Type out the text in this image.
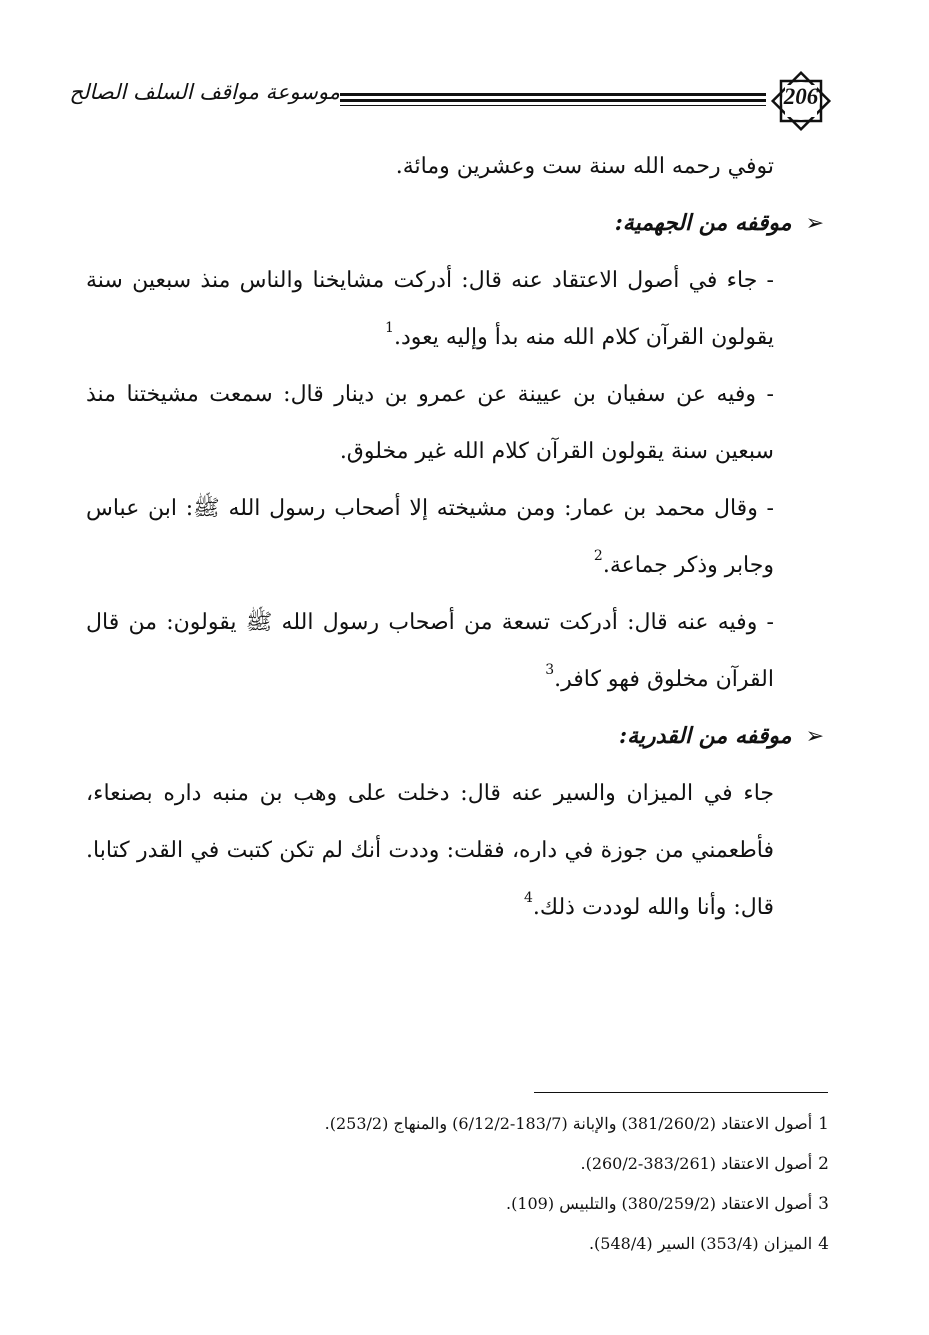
موسوعة مواقف السلف الصالح	206

توفي رحمه الله سنة ست وعشرين ومائة.

➢موقفه من الجهمية:

- جاء في أصول الاعتقاد عنه قال: أدركت مشايخنا والناس منذ سبعين سنة يقولون القرآن كلام الله منه بدأ وإليه يعود.$^1$

- وفيه عن سفيان بن عيينة عن عمرو بن دينار قال: سمعت مشيختنا منذ سبعين سنة يقولون القرآن كلام الله غير مخلوق.

- وقال محمد بن عمار: ومن مشيخته إلا أصحاب رسول الله ﷺ: ابن عباس وجابر وذكر جماعة.$^2$

- وفيه عنه قال: أدركت تسعة من أصحاب رسول الله ﷺ يقولون: من قال القرآن مخلوق فهو كافر.$^3$

➢موقفه من القدرية:

جاء في الميزان والسير عنه قال: دخلت على وهب بن منبه داره بصنعاء، فأطعمني من جوزة في داره، فقلت: وددت أنك لم تكن كتبت في القدر كتابا. قال: وأنا والله لوددت ذلك.$^4$

1أصول الاعتقاد (381/260/2) والإبانة (183/7-6/12/2) والمنهاج (253/2).

2أصول الاعتقاد (383/261-260/2).

3أصول الاعتقاد (380/259/2) والتلبيس (109).

4الميزان (353/4) السير (548/4).
